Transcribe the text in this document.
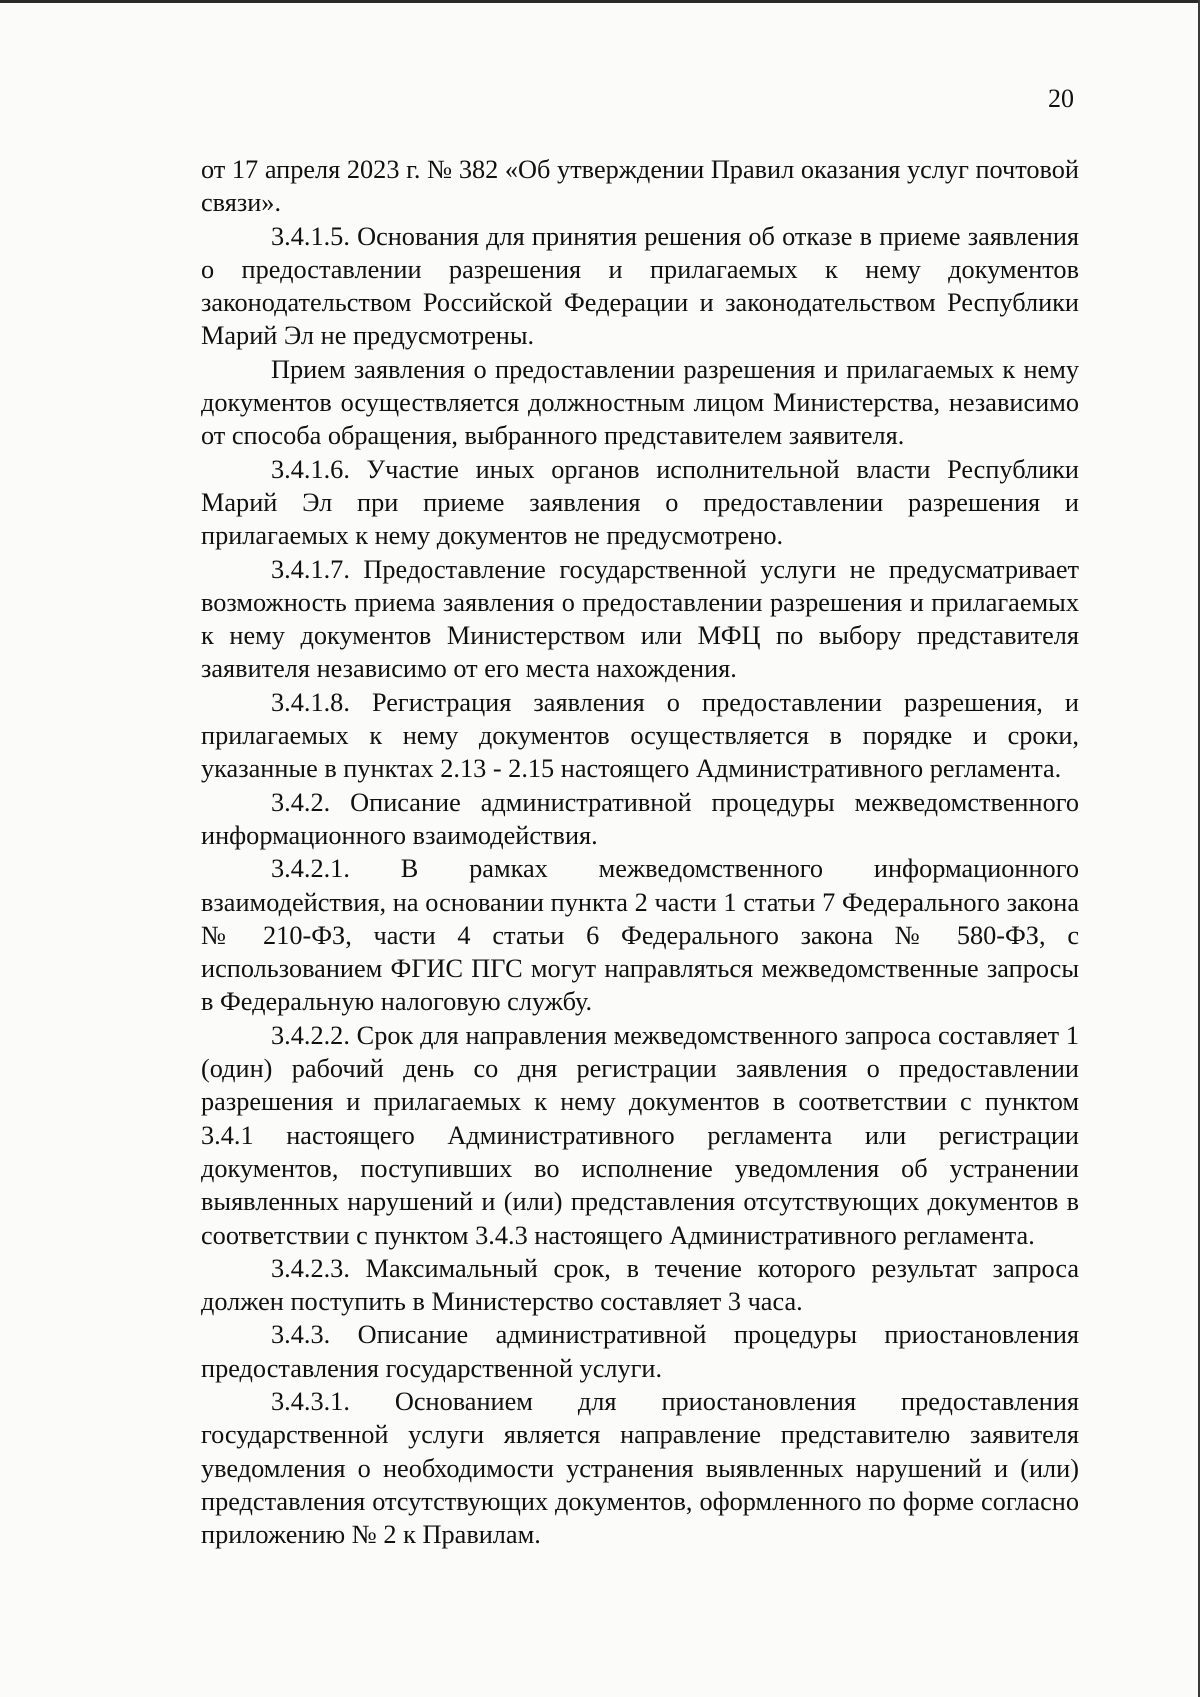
20

от 17 апреля 2023 г. № 382 «Об утверждении Правил оказания услуг почтовой связи».

3.4.1.5. Основания для принятия решения об отказе в приеме заявления о предоставлении разрешения и прилагаемых к нему документов законодательством Российской Федерации и законодательством Республики Марий Эл не предусмотрены.

Прием заявления о предоставлении разрешения и прилагаемых к нему документов осуществляется должностным лицом Министерства, независимо от способа обращения, выбранного представителем заявителя.

3.4.1.6. Участие иных органов исполнительной власти Республики Марий Эл при приеме заявления о предоставлении разрешения и прилагаемых к нему документов не предусмотрено.

3.4.1.7. Предоставление государственной услуги не предусматривает возможность приема заявления о предоставлении разрешения и прилагаемых к нему документов Министерством или МФЦ по выбору представителя заявителя независимо от его места нахождения.

3.4.1.8. Регистрация заявления о предоставлении разрешения, и прилагаемых к нему документов осуществляется в порядке и сроки, указанные в пунктах 2.13 - 2.15 настоящего Административного регламента.

3.4.2. Описание административной процедуры межведомственного информационного взаимодействия.

3.4.2.1. В рамках межведомственного информационного взаимодействия, на основании пункта 2 части 1 статьи 7 Федерального закона № 210-ФЗ, части 4 статьи 6 Федерального закона № 580-ФЗ, с использованием ФГИС ПГС могут направляться межведомственные запросы в Федеральную налоговую службу.

3.4.2.2. Срок для направления межведомственного запроса составляет 1 (один) рабочий день со дня регистрации заявления о предоставлении разрешения и прилагаемых к нему документов в соответствии с пунктом 3.4.1 настоящего Административного регламента или регистрации документов, поступивших во исполнение уведомления об устранении выявленных нарушений и (или) представления отсутствующих документов в соответствии с пунктом 3.4.3 настоящего Административного регламента.

3.4.2.3. Максимальный срок, в течение которого результат запроса должен поступить в Министерство составляет 3 часа.

3.4.3. Описание административной процедуры приостановления предоставления государственной услуги.

3.4.3.1. Основанием для приостановления предоставления государственной услуги является направление представителю заявителя уведомления о необходимости устранения выявленных нарушений и (или) представления отсутствующих документов, оформленного по форме согласно приложению № 2 к Правилам.
